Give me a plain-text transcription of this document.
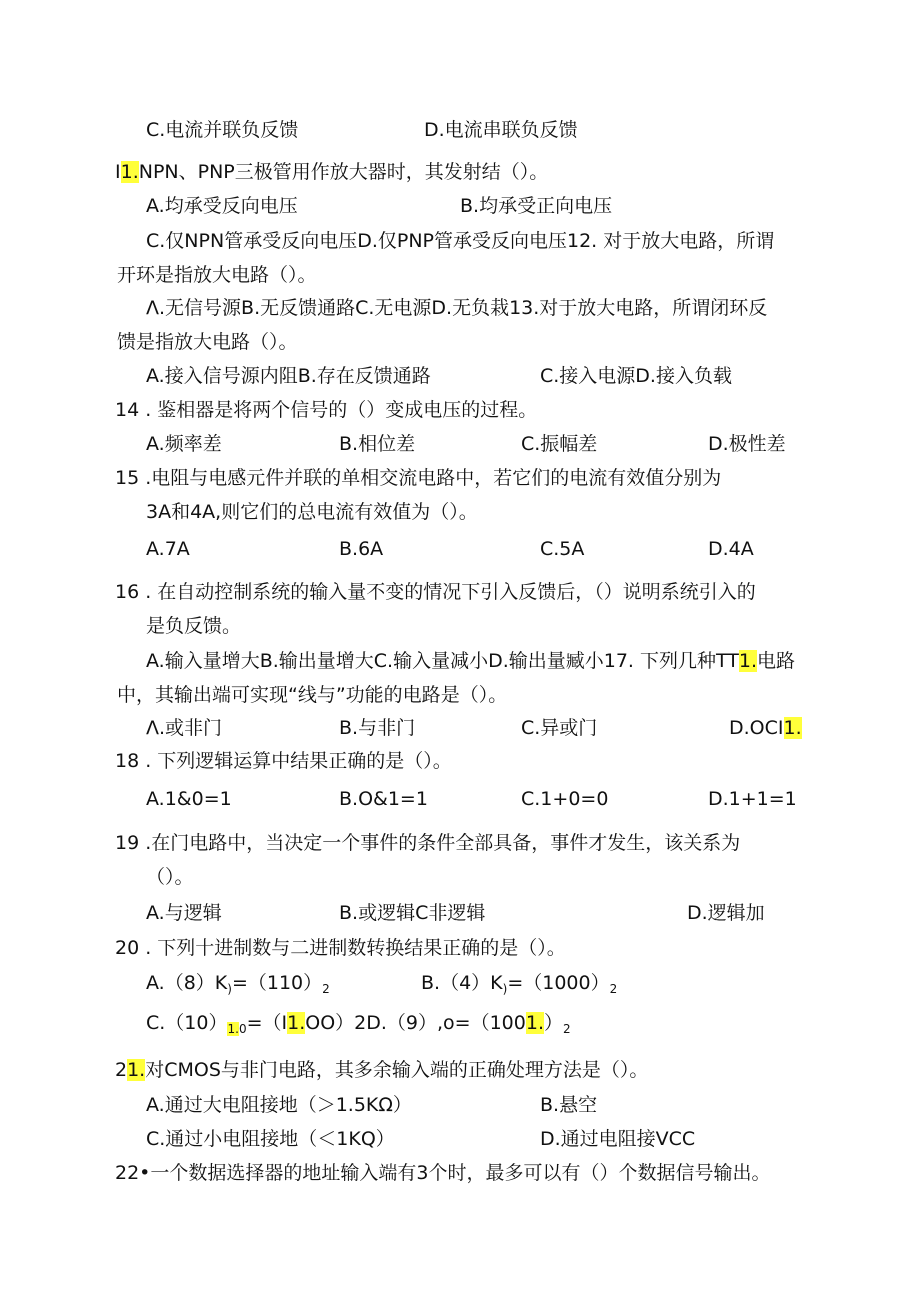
C.电流并联负反馈	D.电流串联负反馈
I1.NPN、PNP三极管用作放大器时，其发射结（）。
A.均承受反向电压	B.均承受正向电压
C.仅NPN管承受反向电压D.仅PNP管承受反向电压12. 对于放大电路，所谓
开环是指放大电路（）。
Λ.无信号源B.无反馈通路C.无电源D.无负栽13.对于放大电路，所谓闭环反
馈是指放大电路（）。
A.接入信号源内阻B.存在反馈通路	C.接入电源D.接入负载
14 . 鉴相器是将两个信号的（）变成电压的过程。
A.频率差	B.相位差	C.振幅差	D.极性差
15 .电阻与电感元件并联的单相交流电路中，若它们的电流有效值分别为
3A和4A,则它们的总电流有效值为（）。
A.7A	B.6A	C.5A	D.4A
16 . 在自动控制系统的输入量不变的情况下引入反馈后，（）说明系统引入的
是负反馈。
A.输入量增大B.输出量增大C.输入量减小D.输出量臧小17. 下列几种TT1.电路
中，其输出端可实现“线与”功能的电路是（）。
Λ.或非门	B.与非门	C.异或门	D.OCI1.
18 . 下列逻辑运算中结果正确的是（）。
A.1&0=1	B.O&1=1	C.1+0=0	D.1+1=1
19 .在门电路中，当决定一个事件的条件全部具备，事件才发生，该关系为
（）。
A.与逻辑	B.或逻辑C非逻辑	D.逻辑加
20 . 下列十进制数与二进制数转换结果正确的是（）。
$A.(8)K_)=(110)_2$	$B.(4)K_)=(1000)_2$
$C.(10)_{1.0}=(I1.OO)2D.(9),o=(1001.)_2$
21.对CMOS与非门电路，其多余输入端的正确处理方法是（）。
A.通过大电阻接地（＞1.5KΩ）	B.悬空
C.通过小电阻接地（＜1KQ）	D.通过电阻接VCC
22•一个数据选择器的地址输入端有3个时，最多可以有（）个数据信号输出。
